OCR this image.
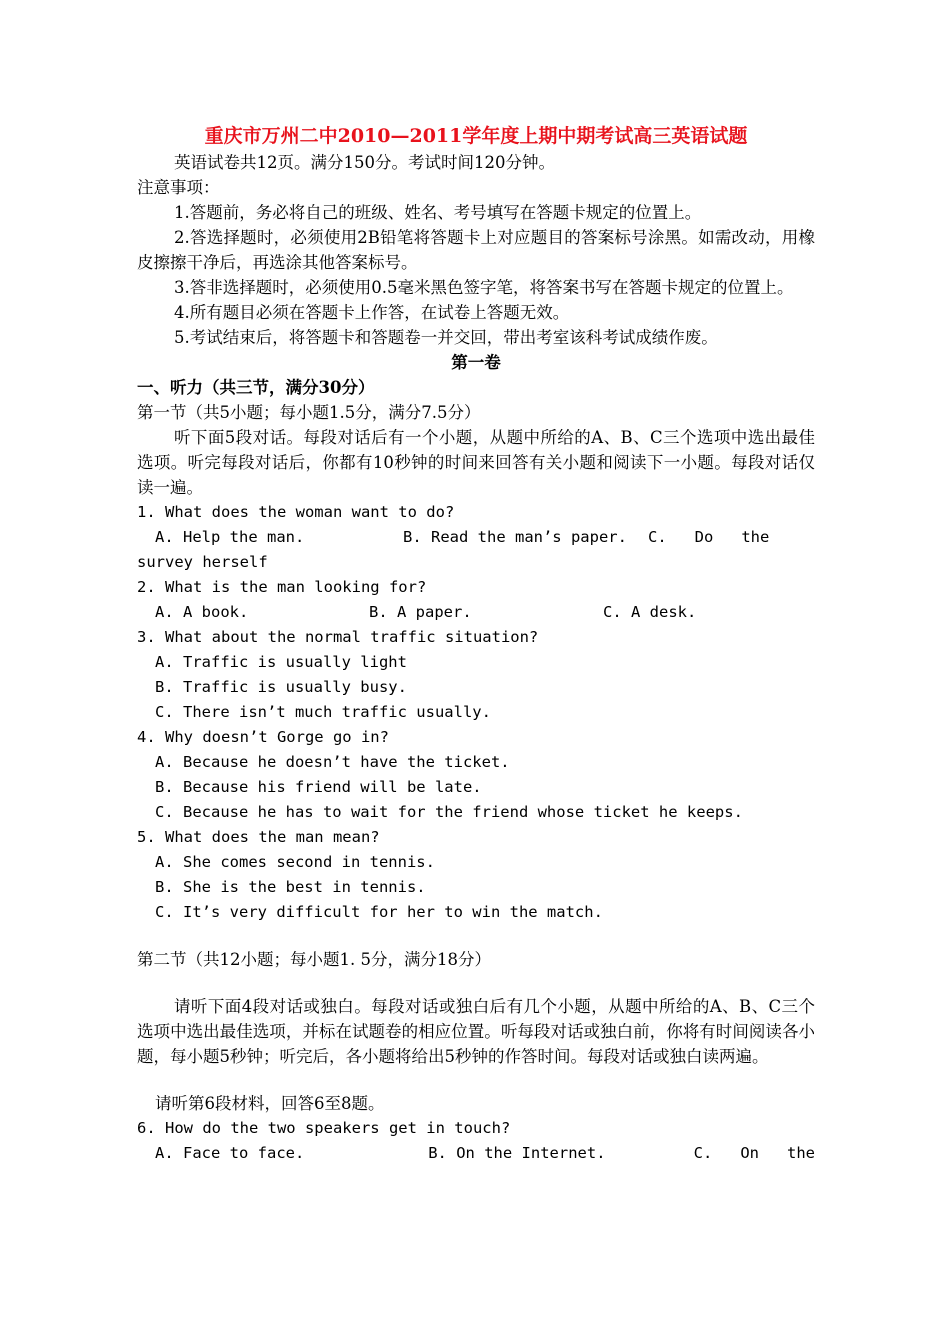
重庆市万州二中2010—2011学年度上期中期考试高三英语试题

英语试卷共12页。满分150分。考试时间120分钟。

注意事项：

1.答题前，务必将自己的班级、姓名、考号填写在答题卡规定的位置上。

2.答选择题时，必须使用2B铅笔将答题卡上对应题目的答案标号涂黑。如需改动，用橡皮擦擦干净后，再选涂其他答案标号。

3.答非选择题时，必须使用0.5毫米黑色签字笔，将答案书写在答题卡规定的位置上。

4.所有题目必须在答题卡上作答，在试卷上答题无效。

5.考试结束后，将答题卡和答题卷一并交回，带出考室该科考试成绩作废。

第一卷

一、听力（共三节，满分30分）

第一节（共5小题；每小题1.5分，满分7.5分）

听下面5段对话。每段对话后有一个小题，从题中所给的A、B、C三个选项中选出最佳选项。听完每段对话后，你都有10秒钟的时间来回答有关小题和阅读下一小题。每段对话仅读一遍。

1. What does the woman want to do?

A. Help the man.	B. Read the man’s paper.	C.   Do   the

survey herself

2. What is the man looking for?

A. A book.	B. A paper.	C. A desk.

3. What about the normal traffic situation?

A. Traffic is usually light

B. Traffic is usually busy.

C. There isn’t much traffic usually.

4. Why doesn’t Gorge go in?

A. Because he doesn’t have the ticket.

B. Because his friend will be late.

C. Because he has to wait for the friend whose ticket he keeps.

5. What does the man mean?

A. She comes second in tennis.

B. She is the best in tennis.

C. It’s very difficult for her to win the match.

第二节（共12小题；每小题1. 5分，满分18分）

请听下面4段对话或独白。每段对话或独白后有几个小题，从题中所给的A、B、C三个选项中选出最佳选项，并标在试题卷的相应位置。听每段对话或独白前，你将有时间阅读各小题，每小题5秒钟；听完后，各小题将给出5秒钟的作答时间。每段对话或独白读两遍。

请听第6段材料，回答6至8题。

6. How do the two speakers get in touch?

A. Face to face.	B. On the Internet.	C.   On   the
